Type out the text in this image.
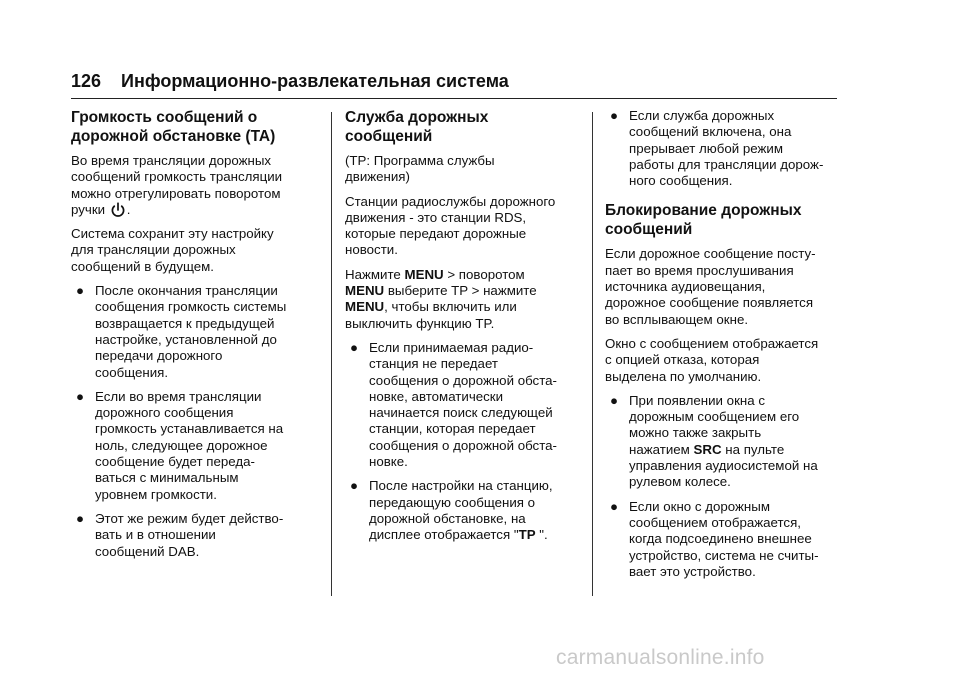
126 Информационно-развлекательная система
Громкость сообщений о
дорожной обстановке (TA)
Во время трансляции дорожных
сообщений громкость трансляции
можно отрегулировать поворотом
ручки .
Система сохранит эту настройку
для трансляции дорожных
сообщений в будущем.
● После окончания трансляции
сообщения громкость системы
возвращается к предыдущей
настройке, установленной до
передачи дорожного
сообщения.
● Если во время трансляции
дорожного сообщения
громкость устанавливается на
ноль, следующее дорожное
сообщение будет переда-
ваться с минимальным
уровнем громкости.
● Этот же режим будет действо-
вать и в отношении
сообщений DAB.
Служба дорожных
сообщений
(TP: Программа службы
движения)
Станции радиослужбы дорожного
движения - это станции RDS,
которые передают дорожные
новости.
Нажмите MENU > поворотом
MENU выберите TP > нажмите
MENU, чтобы включить или
выключить функцию TP.
● Если принимаемая радио-
станция не передает
сообщения о дорожной обста-
новке, автоматически
начинается поиск следующей
станции, которая передает
сообщения о дорожной обста-
новке.
● После настройки на станцию,
передающую сообщения о
дорожной обстановке, на
дисплее отображается "TP ".
● Если служба дорожных
сообщений включена, она
прерывает любой режим
работы для трансляции дорож-
ного сообщения.
Блокирование дорожных
сообщений
Если дорожное сообщение посту-
пает во время прослушивания
источника аудиовещания,
дорожное сообщение появляется
во всплывающем окне.
Окно с сообщением отображается
с опцией отказа, которая
выделена по умолчанию.
● При появлении окна с
дорожным сообщением его
можно также закрыть
нажатием SRC на пульте
управления аудиосистемой на
рулевом колесе.
● Если окно с дорожным
сообщением отображается,
когда подсоединено внешнее
устройство, система не считы-
вает это устройство.
carmanualsonline.info
